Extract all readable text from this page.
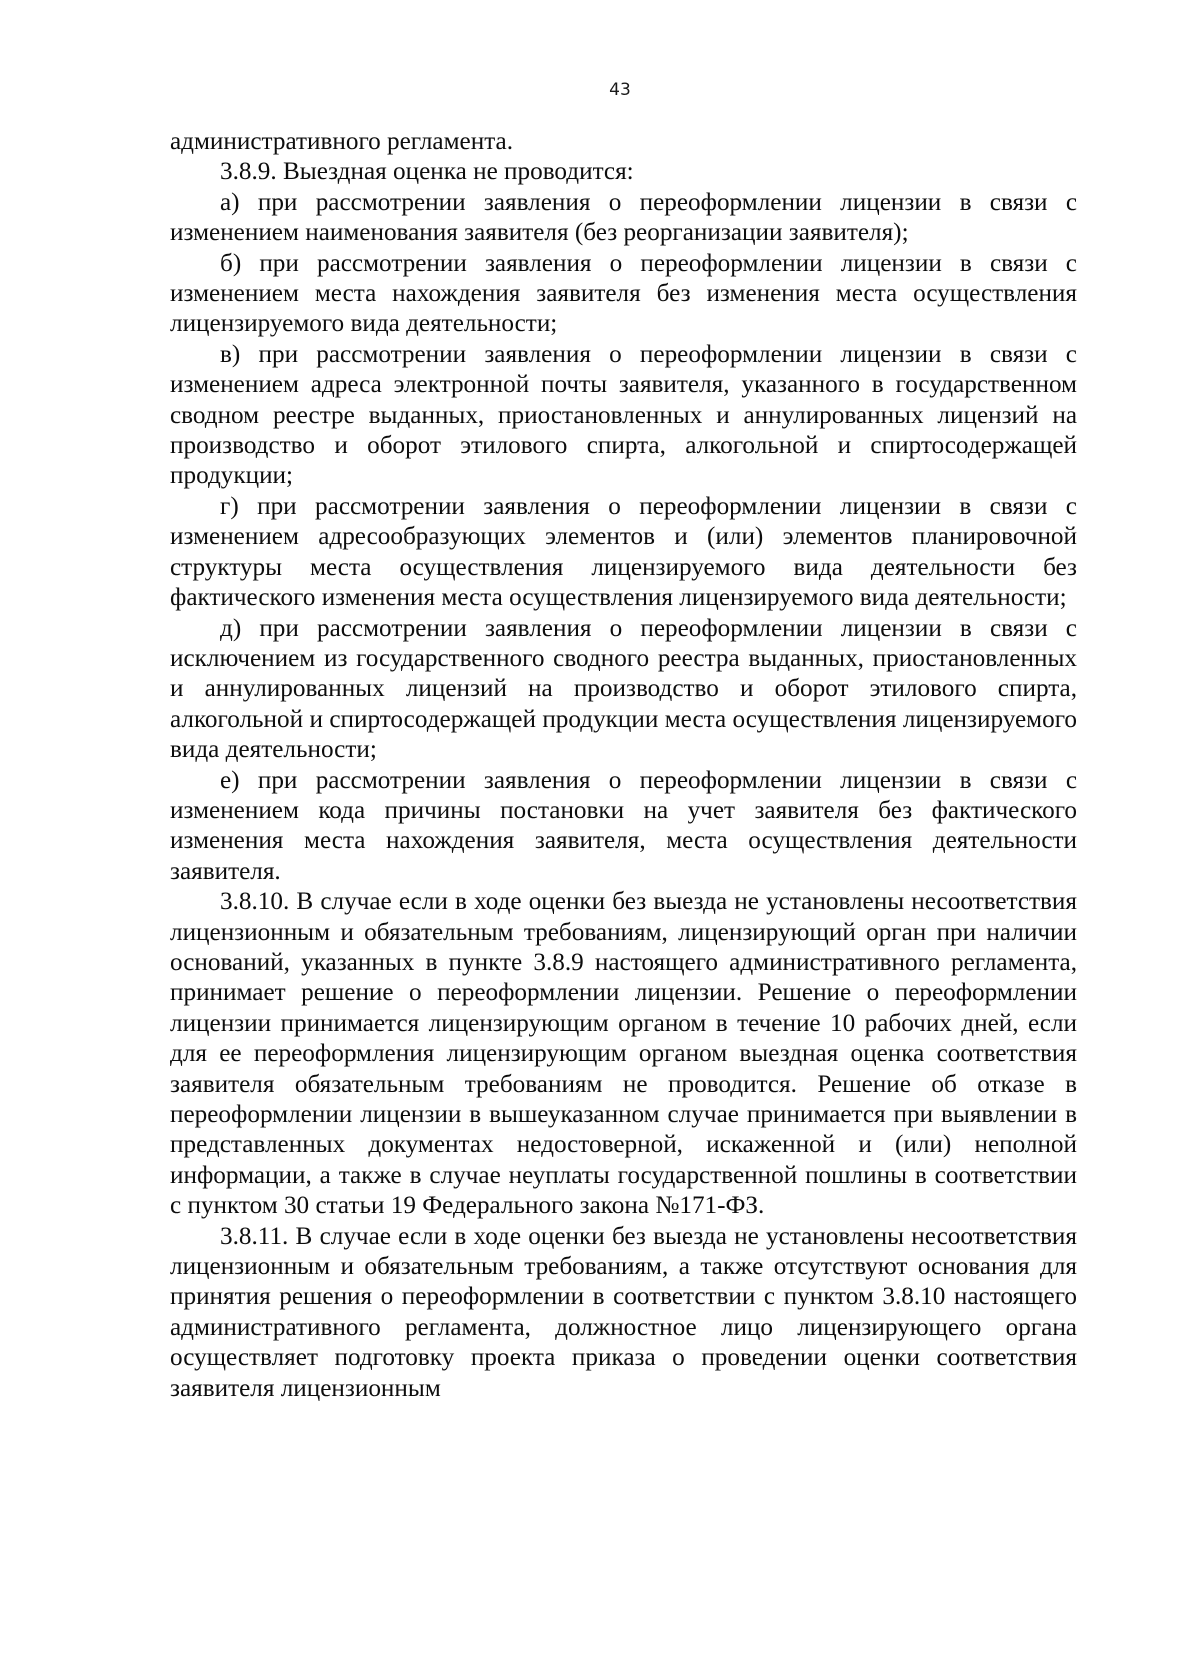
43

административного регламента.

3.8.9. Выездная оценка не проводится:

а) при рассмотрении заявления о переоформлении лицензии в связи с изменением наименования заявителя (без реорганизации заявителя);

б) при рассмотрении заявления о переоформлении лицензии в связи с изменением места нахождения заявителя без изменения места осуществления лицензируемого вида деятельности;

в) при рассмотрении заявления о переоформлении лицензии в связи с изменением адреса электронной почты заявителя, указанного в государственном сводном реестре выданных, приостановленных и аннулированных лицензий на производство и оборот этилового спирта, алкогольной и спиртосодержащей продукции;

г) при рассмотрении заявления о переоформлении лицензии в связи с изменением адресообразующих элементов и (или) элементов планировочной структуры места осуществления лицензируемого вида деятельности без фактического изменения места осуществления лицензируемого вида деятельности;

д) при рассмотрении заявления о переоформлении лицензии в связи с исключением из государственного сводного реестра выданных, приостановленных и аннулированных лицензий на производство и оборот этилового спирта, алкогольной и спиртосодержащей продукции места осуществления лицензируемого вида деятельности;

е) при рассмотрении заявления о переоформлении лицензии в связи с изменением кода причины постановки на учет заявителя без фактического изменения места нахождения заявителя, места осуществления деятельности заявителя.

3.8.10. В случае если в ходе оценки без выезда не установлены несоответствия лицензионным и обязательным требованиям, лицензирующий орган при наличии оснований, указанных в пункте 3.8.9 настоящего административного регламента, принимает решение о переоформлении лицензии. Решение о переоформлении лицензии принимается лицензирующим органом в течение 10 рабочих дней, если для ее переоформления лицензирующим органом выездная оценка соответствия заявителя обязательным требованиям не проводится. Решение об отказе в переоформлении лицензии в вышеуказанном случае принимается при выявлении в представленных документах недостоверной, искаженной и (или) неполной информации, а также в случае неуплаты государственной пошлины в соответствии с пунктом 30 статьи 19 Федерального закона №171-ФЗ.

3.8.11. В случае если в ходе оценки без выезда не установлены несоответствия лицензионным и обязательным требованиям, а также отсутствуют основания для принятия решения о переоформлении в соответствии с пунктом 3.8.10 настоящего административного регламента, должностное лицо лицензирующего органа осуществляет подготовку проекта приказа о проведении оценки соответствия заявителя лицензионным
